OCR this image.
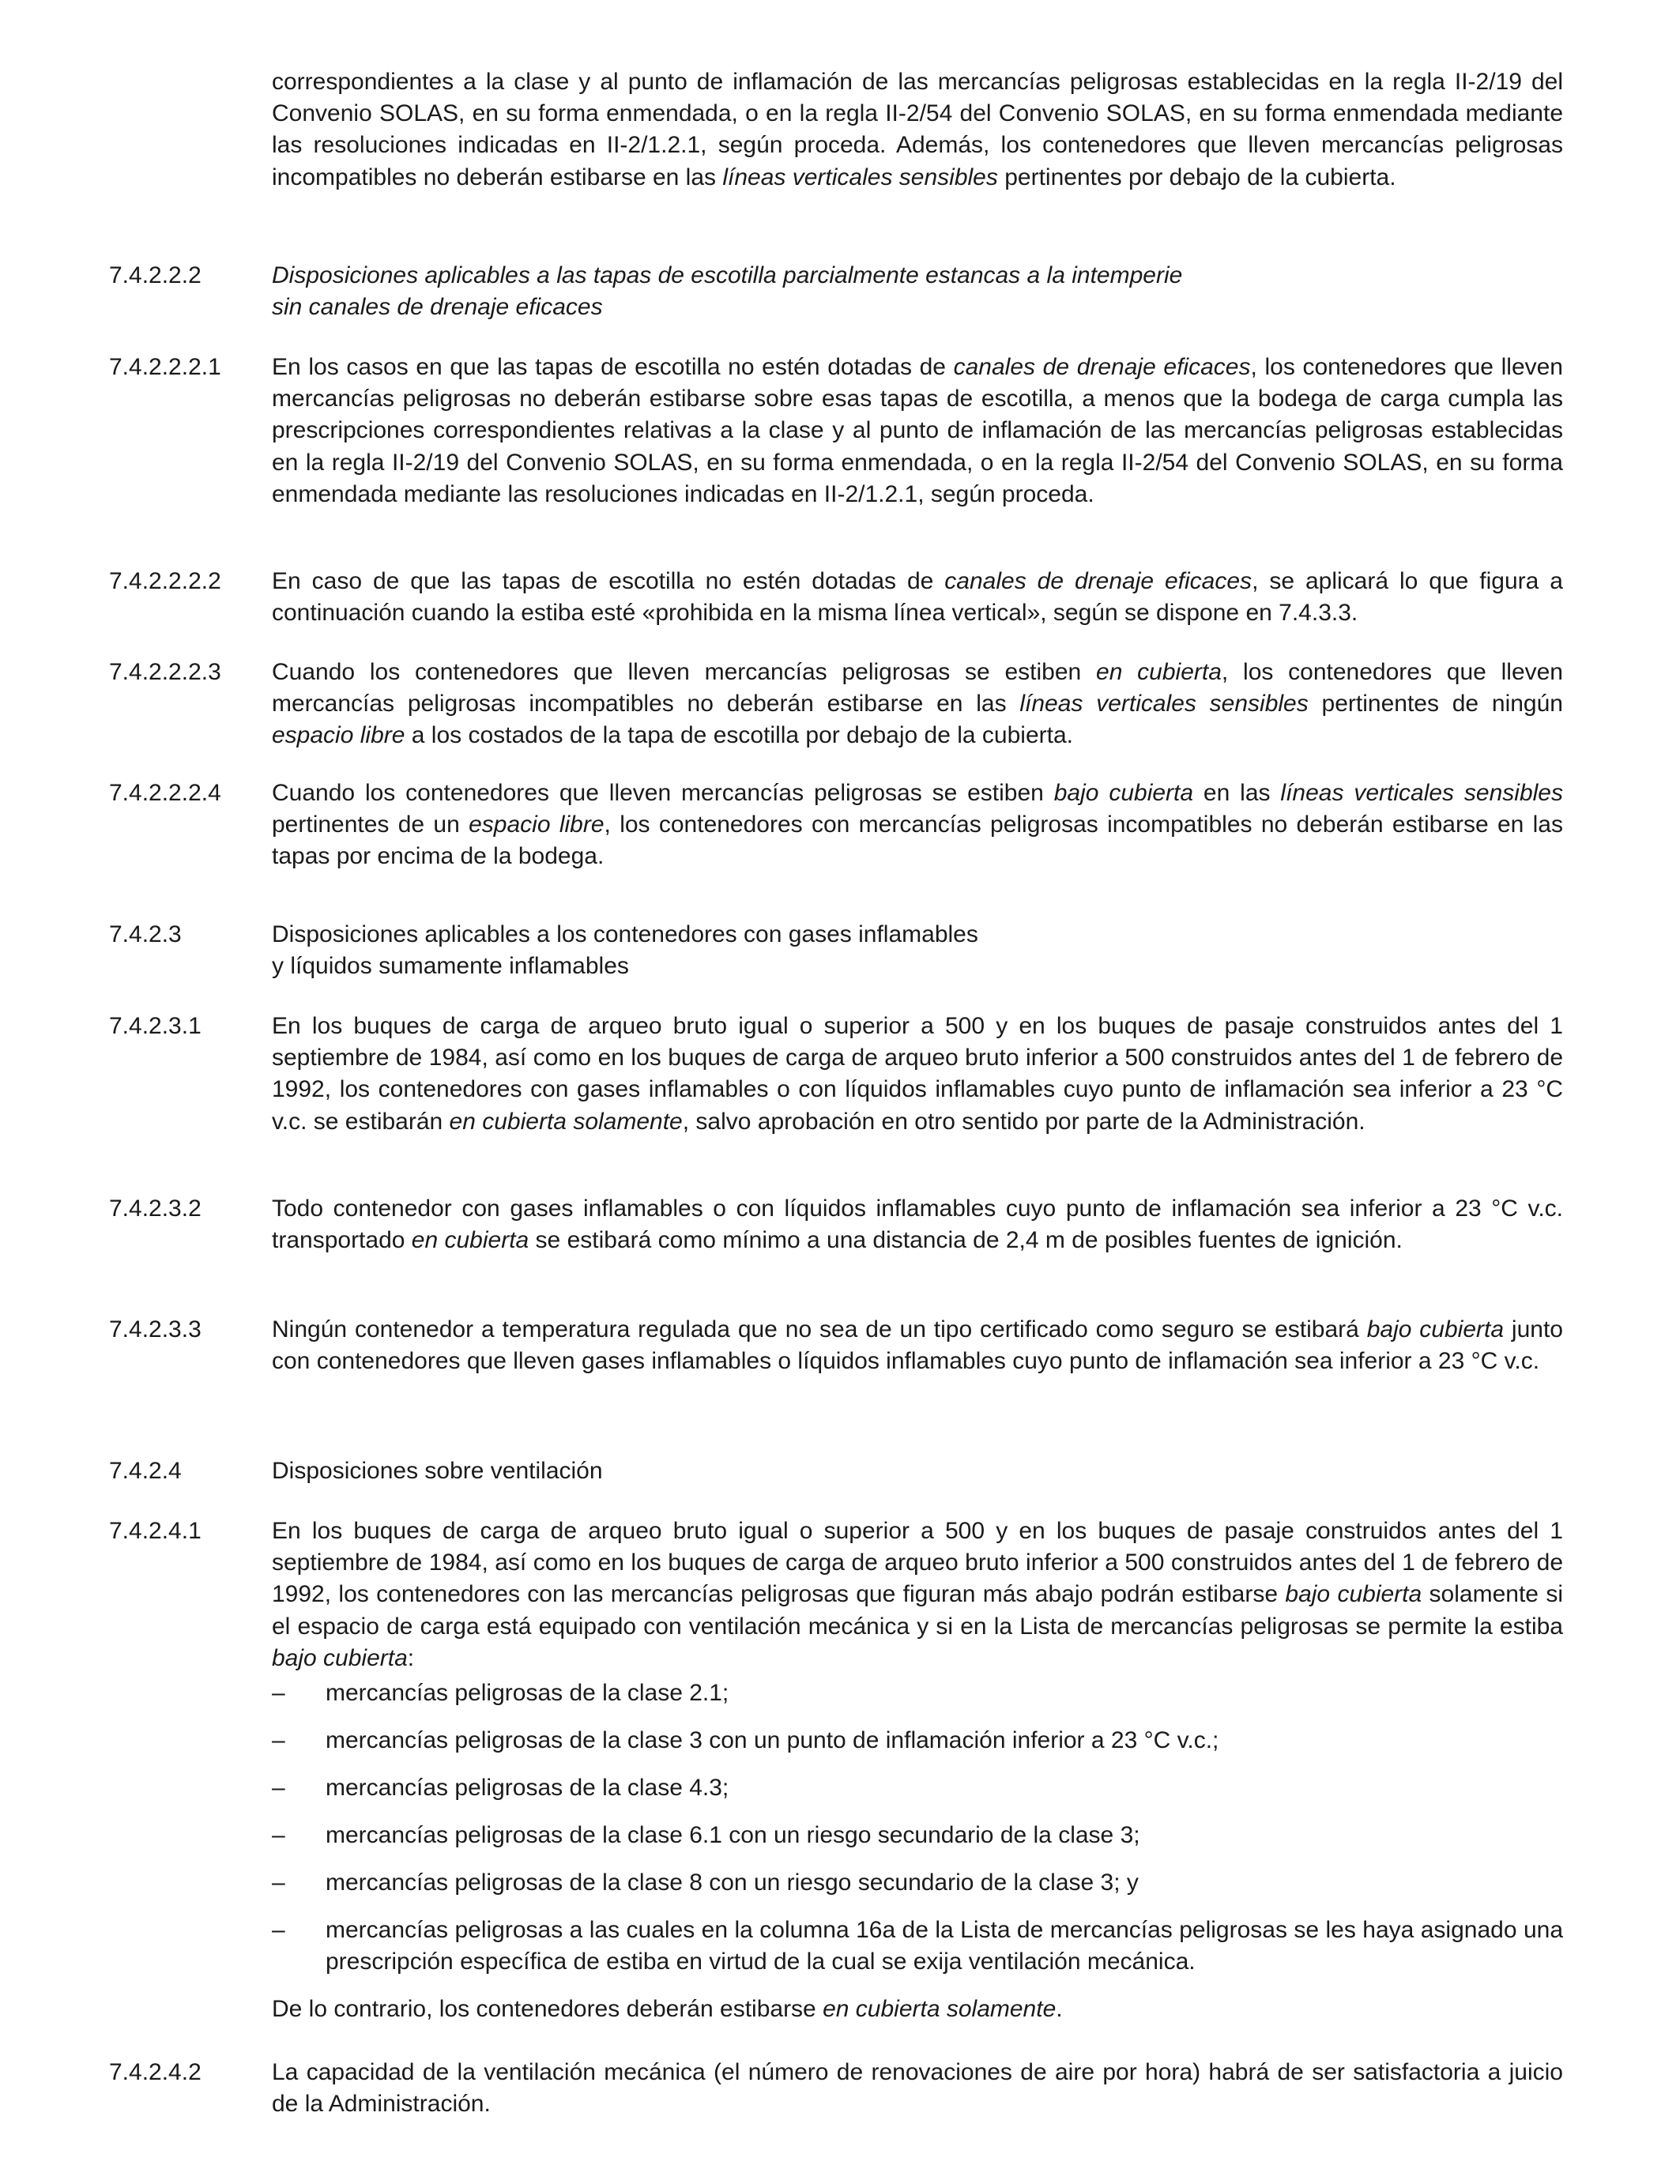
correspondientes a la clase y al punto de inflamación de las mercancías peligrosas establecidas en la regla II-2/19 del Convenio SOLAS, en su forma enmendada, o en la regla II-2/54 del Convenio SOLAS, en su forma enmendada mediante las resoluciones indicadas en II-2/1.2.1, según proceda. Además, los contenedores que lleven mercancías peligrosas incompatibles no deberán estibarse en las líneas verticales sensibles pertinentes por debajo de la cubierta.
7.4.2.2.2	Disposiciones aplicables a las tapas de escotilla parcialmente estancas a la intemperie
sin canales de drenaje eficaces
7.4.2.2.2.1	En los casos en que las tapas de escotilla no estén dotadas de canales de drenaje eficaces, los contenedores que lleven mercancías peligrosas no deberán estibarse sobre esas tapas de escotilla, a menos que la bodega de carga cumpla las prescripciones correspondientes relativas a la clase y al punto de inflamación de las mercancías peligrosas establecidas en la regla II-2/19 del Convenio SOLAS, en su forma enmendada, o en la regla II-2/54 del Convenio SOLAS, en su forma enmendada mediante las resoluciones indicadas en II-2/1.2.1, según proceda.
7.4.2.2.2.2	En caso de que las tapas de escotilla no estén dotadas de canales de drenaje eficaces, se aplicará lo que figura a continuación cuando la estiba esté «prohibida en la misma línea vertical», según se dispone en 7.4.3.3.
7.4.2.2.2.3	Cuando los contenedores que lleven mercancías peligrosas se estiben en cubierta, los contenedores que lleven mercancías peligrosas incompatibles no deberán estibarse en las líneas verticales sensibles pertinentes de ningún espacio libre a los costados de la tapa de escotilla por debajo de la cubierta.
7.4.2.2.2.4	Cuando los contenedores que lleven mercancías peligrosas se estiben bajo cubierta en las líneas verticales sensibles pertinentes de un espacio libre, los contenedores con mercancías peligrosas incompatibles no deberán estibarse en las tapas por encima de la bodega.
7.4.2.3	Disposiciones aplicables a los contenedores con gases inflamables
y líquidos sumamente inflamables
7.4.2.3.1	En los buques de carga de arqueo bruto igual o superior a 500 y en los buques de pasaje construidos antes del 1 septiembre de 1984, así como en los buques de carga de arqueo bruto inferior a 500 construidos antes del 1 de febrero de 1992, los contenedores con gases inflamables o con líquidos inflamables cuyo punto de inflamación sea inferior a 23 °C v.c. se estibarán en cubierta solamente, salvo aprobación en otro sentido por parte de la Administración.
7.4.2.3.2	Todo contenedor con gases inflamables o con líquidos inflamables cuyo punto de inflamación sea inferior a 23 °C v.c. transportado en cubierta se estibará como mínimo a una distancia de 2,4 m de posibles fuentes de ignición.
7.4.2.3.3	Ningún contenedor a temperatura regulada que no sea de un tipo certificado como seguro se estibará bajo cubierta junto con contenedores que lleven gases inflamables o líquidos inflamables cuyo punto de inflamación sea inferior a 23 °C v.c.
7.4.2.4	Disposiciones sobre ventilación
7.4.2.4.1	En los buques de carga de arqueo bruto igual o superior a 500 y en los buques de pasaje construidos antes del 1 septiembre de 1984, así como en los buques de carga de arqueo bruto inferior a 500 construidos antes del 1 de febrero de 1992, los contenedores con las mercancías peligrosas que figuran más abajo podrán estibarse bajo cubierta solamente si el espacio de carga está equipado con ventilación mecánica y si en la Lista de mercancías peligrosas se permite la estiba bajo cubierta:
– mercancías peligrosas de la clase 2.1;
– mercancías peligrosas de la clase 3 con un punto de inflamación inferior a 23 °C v.c.;
– mercancías peligrosas de la clase 4.3;
– mercancías peligrosas de la clase 6.1 con un riesgo secundario de la clase 3;
– mercancías peligrosas de la clase 8 con un riesgo secundario de la clase 3; y
– mercancías peligrosas a las cuales en la columna 16a de la Lista de mercancías peligrosas se les haya asignado una prescripción específica de estiba en virtud de la cual se exija ventilación mecánica.
De lo contrario, los contenedores deberán estibarse en cubierta solamente.
7.4.2.4.2	La capacidad de la ventilación mecánica (el número de renovaciones de aire por hora) habrá de ser satisfactoria a juicio de la Administración.
